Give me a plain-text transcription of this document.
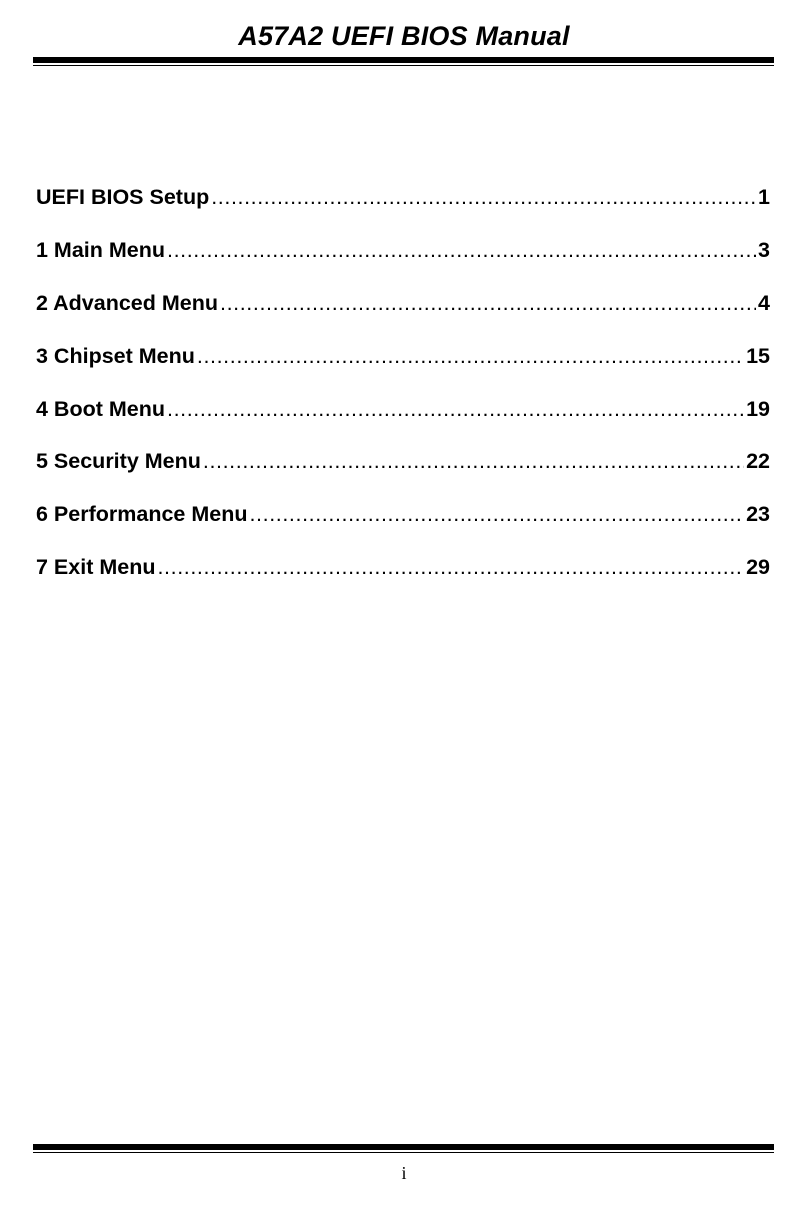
A57A2 UEFI BIOS Manual
UEFI BIOS Setup .....	1
1 Main Menu .....	3
2 Advanced Menu .....	4
3 Chipset Menu .....	15
4 Boot Menu .....	19
5 Security Menu .....	22
6 Performance Menu .....	23
7 Exit Menu .....	29
i
